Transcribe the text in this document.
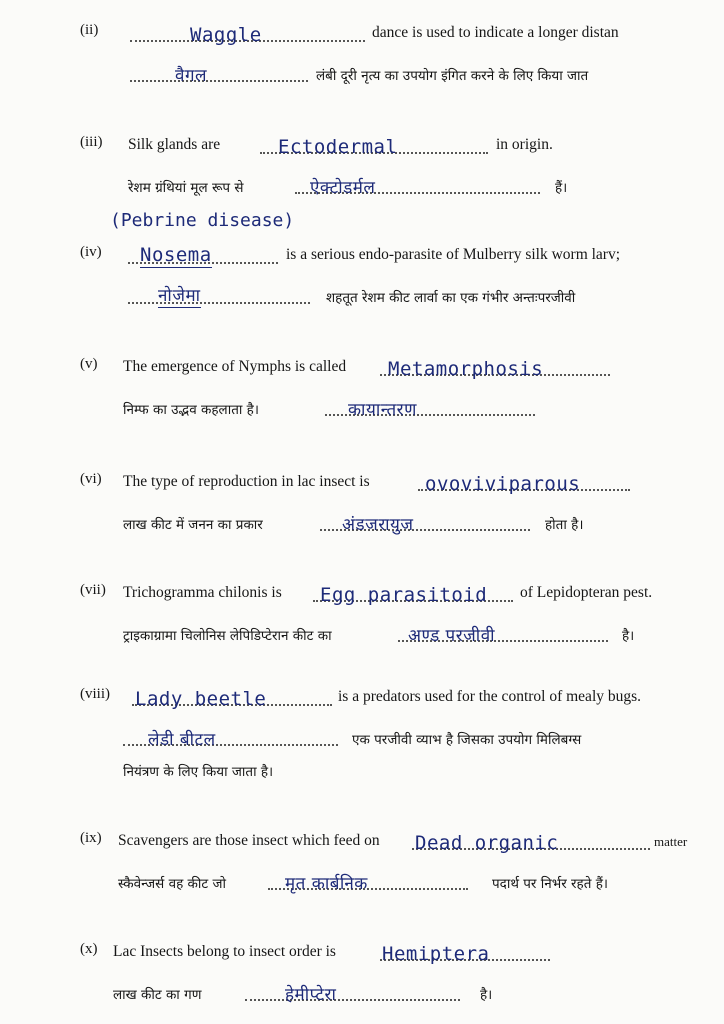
(ii)	Waggle	dance is used to indicate a longer distan
वैगल	लंबी दूरी नृत्य का उपयोग इंगित करने के लिए किया जात
(iii) Silk glands are	Ectodermal	in origin.
रेशम ग्रंथियां मूल रूप से	ऐक्टोडर्मल	हैं।
(Pebrine disease)
(iv) Nosema	is a serious endo-parasite of Mulberry silk worm larv;
नोजेमा	शहतूत रेशम कीट लार्वा का एक गंभीर अन्तःपरजीवी
(v) The emergence of Nymphs is called Metamorphosis
निम्फ का उद्भव कहलाता है।	कायान्तरण
(vi) The type of reproduction in lac insect is	ovoviviparous
लाख कीट में जनन का प्रकार	अंडजरायुज	होता है।
(vii) Trichogramma chilonis is Egg parasitoid of Lepidopteran pest.
ट्राइकाग्रामा चिलोनिस लेपिडिप्टेरान कीट का	अण्ड परजीवी	है।
(viii) Lady beetle	is a predators used for the control of mealy bugs.
लेडी बीटल	एक परजीवी व्याभ है जिसका उपयोग मिलिबग्स
नियंत्रण के लिए किया जाता है।
(ix) Scavengers are those insect which feed on Dead organic	matter
स्कैवेन्जर्स वह कीट जो	मृत कार्बनिक	पदार्थ पर निर्भर रहते हैं।
(x) Lac Insects belong to insect order is Hemiptera
लाख कीट का गण	हेमीप्टेरा	है।
